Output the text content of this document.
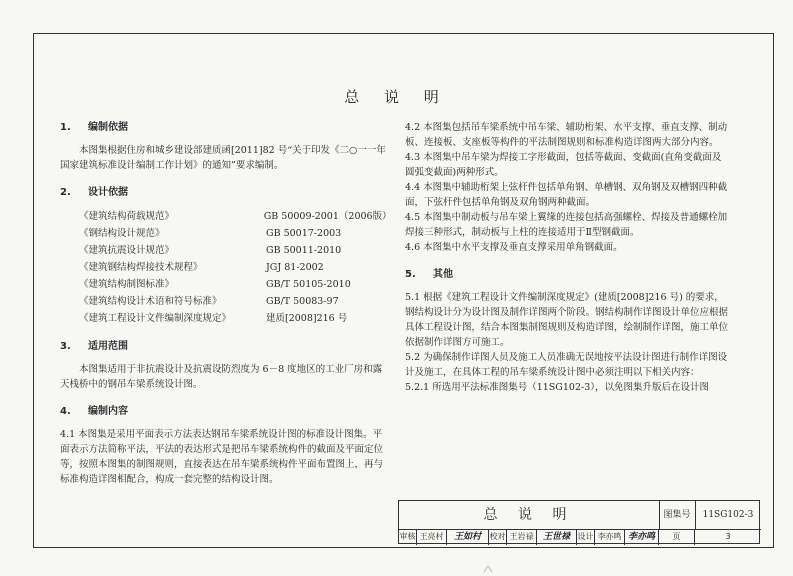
总 说 明
1. 编制依据

本图集根据住房和城乡建设部建质函[2011]82 号“关于印发《二○一一年国家建筑标准设计编制工作计划》的通知”要求编制。

2. 设计依据
《建筑结构荷载规范》	GB 50009-2001（2006版）
《钢结构设计规范》	GB 50017-2003
《建筑抗震设计规范》	GB 50011-2010
《建筑钢结构焊接技术规程》	JGJ 81-2002
《建筑结构制图标准》	GB/T 50105-2010
《建筑结构设计术语和符号标准》	GB/T 50083-97
《建筑工程设计文件编制深度规定》	建质[2008]216 号
3. 适用范围

本图集适用于非抗震设计及抗震设防烈度为 6－8 度地区的工业厂房和露天栈桥中的钢吊车梁系统设计图。

4. 编制内容

4.1 本图集是采用平面表示方法表达钢吊车梁系统设计图的标准设计图集。平面表示方法简称平法，平法的表达形式是把吊车梁系统构件的截面及平面定位等，按照本图集的制图规则，直接表达在吊车梁系统构件平面布置图上，再与标准构造详图相配合，构成一套完整的结构设计图。

4.2 本图集包括吊车梁系统中吊车梁、辅助桁架、水平支撑、垂直支撑、制动板、连接板、支座板等构件的平法制图规则和标准构造详图两大部分内容。

4.3 本图集中吊车梁为焊接工字形截面，包括等截面、变截面(直角变截面及圆弧变截面)两种形式。

4.4 本图集中辅助桁架上弦杆件包括单角钢、单槽钢、双角钢及双槽钢四种截面，下弦杆件包括单角钢及双角钢两种截面。

4.5 本图集中制动板与吊车梁上翼缘的连接包括高强螺栓、焊接及普通螺栓加焊接三种形式，制动板与上柱的连接适用于Ⅱ型钢截面。

4.6 本图集中水平支撑及垂直支撑采用单角钢截面。

5. 其他

5.1 根据《建筑工程设计文件编制深度规定》(建质[2008]216 号) 的要求，钢结构设计分为设计图及制作详图两个阶段。钢结构制作详图设计单位应根据具体工程设计图，结合本图集制图规则及构造详图，绘制制作详图，施工单位依据制作详图方可施工。

5.2 为确保制作详图人员及施工人员准确无误地按平法设计图进行制作详图设计及施工，在具体工程的吊车梁系统设计图中必须注明以下相关内容：

5.2.1 所选用平法标准图集号（11SG102-3），以免图集升版后在设计图

总 说 明	图集号	11SG102-3
审核 王亮村	王如村	校对 王岩禄	王世禄 设计 李亦鸣 李亦鸣	页	3
